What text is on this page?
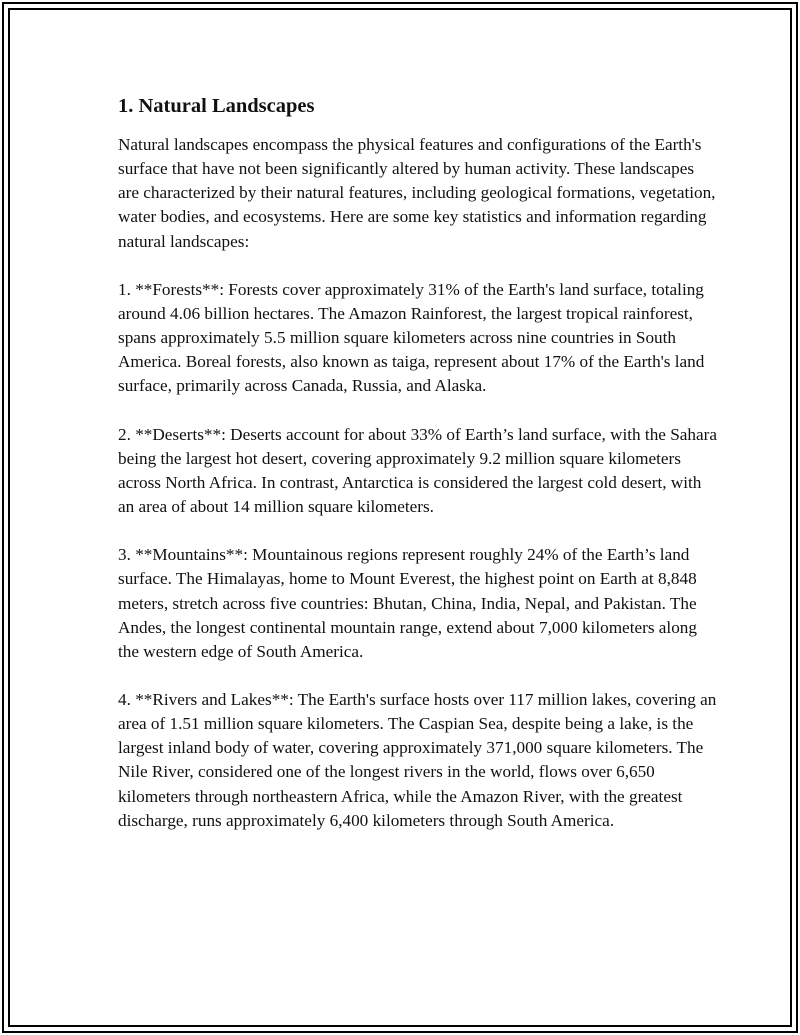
1. Natural Landscapes

Natural landscapes encompass the physical features and configurations of the Earth's surface that have not been significantly altered by human activity. These landscapes are characterized by their natural features, including geological formations, vegetation, water bodies, and ecosystems. Here are some key statistics and information regarding natural landscapes:

1. **Forests**: Forests cover approximately 31% of the Earth's land surface, totaling around 4.06 billion hectares. The Amazon Rainforest, the largest tropical rainforest, spans approximately 5.5 million square kilometers across nine countries in South America. Boreal forests, also known as taiga, represent about 17% of the Earth's land surface, primarily across Canada, Russia, and Alaska.

2. **Deserts**: Deserts account for about 33% of Earth’s land surface, with the Sahara being the largest hot desert, covering approximately 9.2 million square kilometers across North Africa. In contrast, Antarctica is considered the largest cold desert, with an area of about 14 million square kilometers.

3. **Mountains**: Mountainous regions represent roughly 24% of the Earth’s land surface. The Himalayas, home to Mount Everest, the highest point on Earth at 8,848 meters, stretch across five countries: Bhutan, China, India, Nepal, and Pakistan. The Andes, the longest continental mountain range, extend about 7,000 kilometers along the western edge of South America.

4. **Rivers and Lakes**: The Earth's surface hosts over 117 million lakes, covering an area of 1.51 million square kilometers. The Caspian Sea, despite being a lake, is the largest inland body of water, covering approximately 371,000 square kilometers. The Nile River, considered one of the longest rivers in the world, flows over 6,650 kilometers through northeastern Africa, while the Amazon River, with the greatest discharge, runs approximately 6,400 kilometers through South America.
